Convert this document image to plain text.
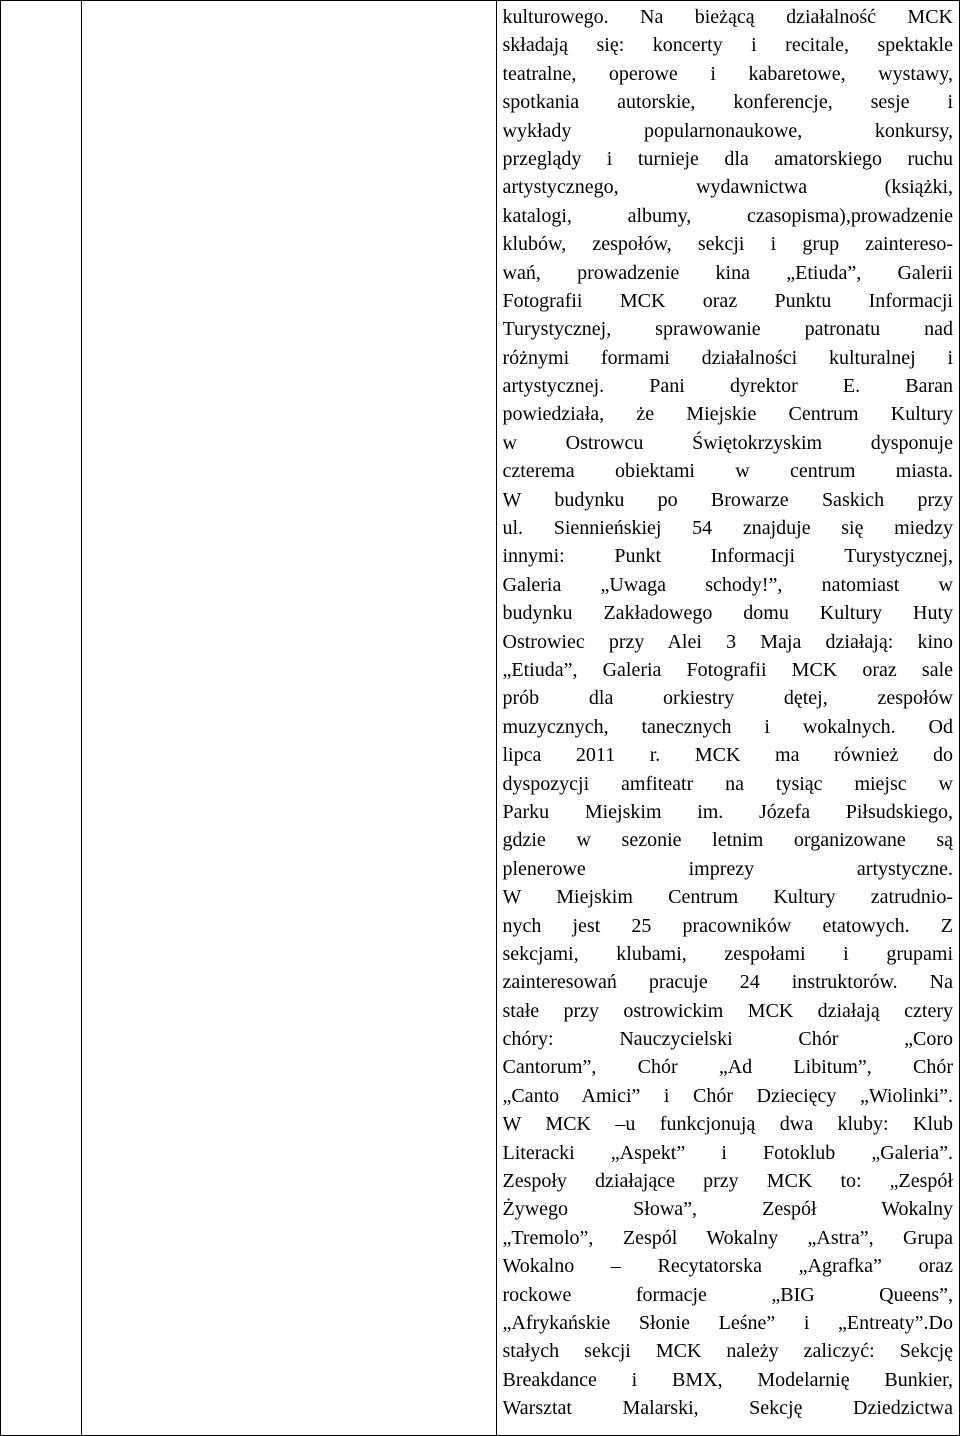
kulturowego. Na bieżącą działalność MCK
składają się: koncerty i recitale, spektakle
teatralne, operowe i kabaretowe, wystawy,
spotkania autorskie, konferencje, sesje i
wykłady popularnonaukowe, konkursy,
przeglądy i turnieje dla amatorskiego ruchu
artystycznego, wydawnictwa (książki,
katalogi, albumy, czasopisma),prowadzenie
klubów, zespołów, sekcji i grup zaintereso-
wań, prowadzenie kina „Etiuda”, Galerii
Fotografii MCK oraz Punktu Informacji
Turystycznej, sprawowanie patronatu nad
różnymi formami działalności kulturalnej i
artystycznej. Pani dyrektor E. Baran
powiedziała, że Miejskie Centrum Kultury
w Ostrowcu Świętokrzyskim dysponuje
czterema obiektami w centrum miasta.
W budynku po Browarze Saskich przy
ul. Siennieńskiej 54 znajduje się miedzy
innymi: Punkt Informacji Turystycznej,
Galeria „Uwaga schody!”, natomiast w
budynku Zakładowego domu Kultury Huty
Ostrowiec przy Alei 3 Maja działają: kino
„Etiuda”, Galeria Fotografii MCK oraz sale
prób dla orkiestry dętej, zespołów
muzycznych, tanecznych i wokalnych. Od
lipca 2011 r. MCK ma również do
dyspozycji amfiteatr na tysiąc miejsc w
Parku Miejskim im. Józefa Piłsudskiego,
gdzie w sezonie letnim organizowane są
plenerowe imprezy artystyczne.
W Miejskim Centrum Kultury zatrudnio-
nych jest 25 pracowników etatowych. Z
sekcjami, klubami, zespołami i grupami
zainteresowań pracuje 24 instruktorów. Na
stałe przy ostrowickim MCK działają cztery
chóry: Nauczycielski Chór „Coro
Cantorum”, Chór „Ad Libitum”, Chór
„Canto Amici” i Chór Dziecięcy „Wiolinki”.
W MCK –u funkcjonują dwa kluby: Klub
Literacki „Aspekt” i Fotoklub „Galeria”.
Zespoły działające przy MCK to: „Zespół
Żywego Słowa”, Zespół Wokalny
„Tremolo”, Zespól Wokalny „Astra”, Grupa
Wokalno – Recytatorska „Agrafka” oraz
rockowe formacje „BIG Queens”,
„Afrykańskie Słonie Leśne” i „Entreaty”.Do
stałych sekcji MCK należy zaliczyć: Sekcję
Breakdance i BMX, Modelarnię Bunkier,
Warsztat Malarski, Sekcję Dziedzictwa
